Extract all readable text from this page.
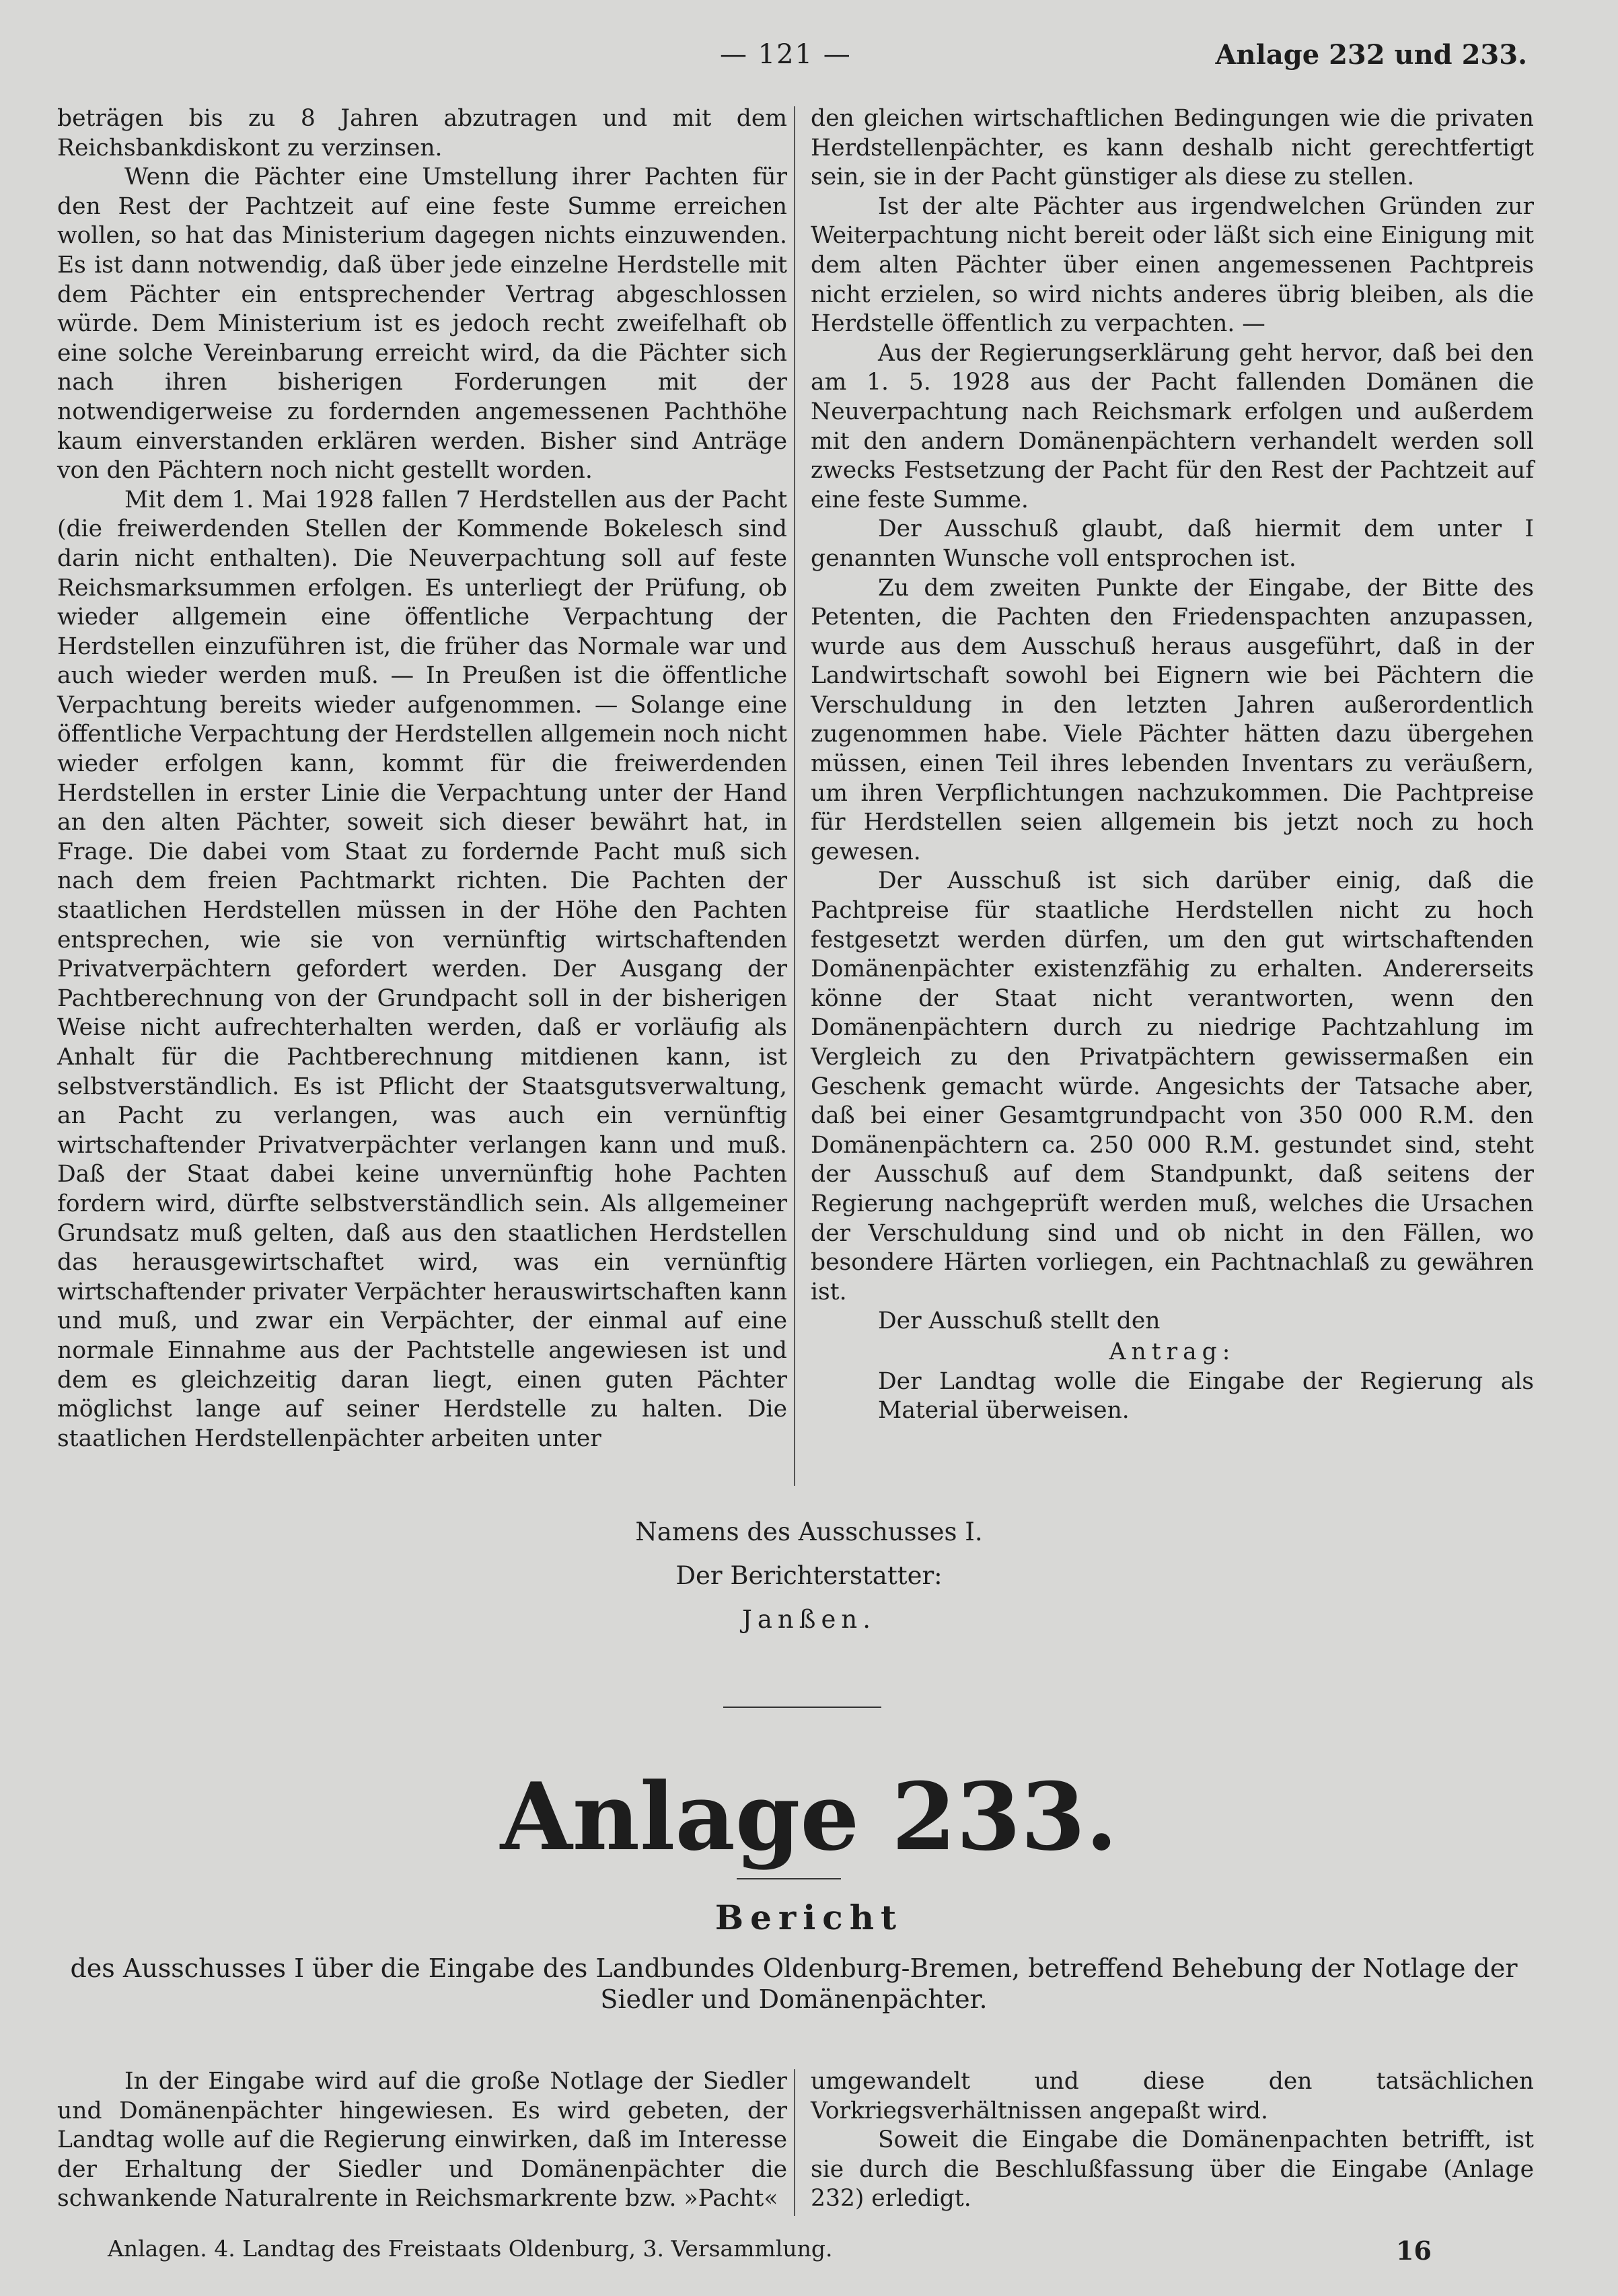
— 121 —	Anlage 232 und 233.

beträgen bis zu 8 Jahren abzutragen und mit dem Reichsbankdiskont zu verzinsen.

Wenn die Pächter eine Umstellung ihrer Pachten für den Rest der Pachtzeit auf eine feste Summe erreichen wollen, so hat das Ministerium dagegen nichts einzuwenden. Es ist dann notwendig, daß über jede einzelne Herdstelle mit dem Pächter ein entsprechender Vertrag abgeschlossen würde. Dem Ministerium ist es jedoch recht zweifelhaft ob eine solche Vereinbarung erreicht wird, da die Pächter sich nach ihren bisherigen Forderungen mit der notwendigerweise zu fordernden angemessenen Pachthöhe kaum einverstanden erklären werden. Bisher sind Anträge von den Pächtern noch nicht gestellt worden.

Mit dem 1. Mai 1928 fallen 7 Herdstellen aus der Pacht (die freiwerdenden Stellen der Kommende Bokelesch sind darin nicht enthalten). Die Neuverpachtung soll auf feste Reichsmarksummen erfolgen. Es unterliegt der Prüfung, ob wieder allgemein eine öffentliche Verpachtung der Herdstellen einzuführen ist, die früher das Normale war und auch wieder werden muß. — In Preußen ist die öffentliche Verpachtung bereits wieder aufgenommen. — Solange eine öffentliche Verpachtung der Herdstellen allgemein noch nicht wieder erfolgen kann, kommt für die freiwerdenden Herdstellen in erster Linie die Verpachtung unter der Hand an den alten Pächter, soweit sich dieser bewährt hat, in Frage. Die dabei vom Staat zu fordernde Pacht muß sich nach dem freien Pachtmarkt richten. Die Pachten der staatlichen Herdstellen müssen in der Höhe den Pachten entsprechen, wie sie von vernünftig wirtschaftenden Privatverpächtern gefordert werden. Der Ausgang der Pachtberechnung von der Grundpacht soll in der bisherigen Weise nicht aufrechterhalten werden, daß er vorläufig als Anhalt für die Pachtberechnung mitdienen kann, ist selbstverständlich. Es ist Pflicht der Staatsgutsverwaltung, an Pacht zu verlangen, was auch ein vernünftig wirtschaftender Privatverpächter verlangen kann und muß. Daß der Staat dabei keine unvernünftig hohe Pachten fordern wird, dürfte selbstverständlich sein. Als allgemeiner Grundsatz muß gelten, daß aus den staatlichen Herdstellen das herausgewirtschaftet wird, was ein vernünftig wirtschaftender privater Verpächter herauswirtschaften kann und muß, und zwar ein Verpächter, der einmal auf eine normale Einnahme aus der Pachtstelle angewiesen ist und dem es gleichzeitig daran liegt, einen guten Pächter möglichst lange auf seiner Herdstelle zu halten. Die staatlichen Herdstellenpächter arbeiten unter

den gleichen wirtschaftlichen Bedingungen wie die privaten Herdstellenpächter, es kann deshalb nicht gerechtfertigt sein, sie in der Pacht günstiger als diese zu stellen.

Ist der alte Pächter aus irgendwelchen Gründen zur Weiterpachtung nicht bereit oder läßt sich eine Einigung mit dem alten Pächter über einen angemessenen Pachtpreis nicht erzielen, so wird nichts anderes übrig bleiben, als die Herdstelle öffentlich zu verpachten. —

Aus der Regierungserklärung geht hervor, daß bei den am 1. 5. 1928 aus der Pacht fallenden Domänen die Neuverpachtung nach Reichsmark erfolgen und außerdem mit den andern Domänenpächtern verhandelt werden soll zwecks Festsetzung der Pacht für den Rest der Pachtzeit auf eine feste Summe.

Der Ausschuß glaubt, daß hiermit dem unter I genannten Wunsche voll entsprochen ist.

Zu dem zweiten Punkte der Eingabe, der Bitte des Petenten, die Pachten den Friedenspachten anzupassen, wurde aus dem Ausschuß heraus ausgeführt, daß in der Landwirtschaft sowohl bei Eignern wie bei Pächtern die Verschuldung in den letzten Jahren außerordentlich zugenommen habe. Viele Pächter hätten dazu übergehen müssen, einen Teil ihres lebenden Inventars zu veräußern, um ihren Verpflichtungen nachzukommen. Die Pachtpreise für Herdstellen seien allgemein bis jetzt noch zu hoch gewesen.

Der Ausschuß ist sich darüber einig, daß die Pachtpreise für staatliche Herdstellen nicht zu hoch festgesetzt werden dürfen, um den gut wirtschaftenden Domänenpächter existenzfähig zu erhalten. Andererseits könne der Staat nicht verantworten, wenn den Domänenpächtern durch zu niedrige Pachtzahlung im Vergleich zu den Privatpächtern gewissermaßen ein Geschenk gemacht würde. Angesichts der Tatsache aber, daß bei einer Gesamtgrundpacht von 350 000 R.M. den Domänenpächtern ca. 250 000 R.M. gestundet sind, steht der Ausschuß auf dem Standpunkt, daß seitens der Regierung nachgeprüft werden muß, welches die Ursachen der Verschuldung sind und ob nicht in den Fällen, wo besondere Härten vorliegen, ein Pachtnachlaß zu gewähren ist.

Der Ausschuß stellt den

Antrag:

Der Landtag wolle die Eingabe der Regierung als Material überweisen.

Namens des Ausschusses I.
Der Berichterstatter:
Janßen.
Anlage 233.
Bericht
des Ausschusses I über die Eingabe des Landbundes Oldenburg-Bremen, betreffend Behebung der Notlage der Siedler und Domänenpächter.

In der Eingabe wird auf die große Notlage der Siedler und Domänenpächter hingewiesen. Es wird gebeten, der Landtag wolle auf die Regierung einwirken, daß im Interesse der Erhaltung der Siedler und Domänenpächter die schwankende Naturalrente in Reichsmarkrente bzw. »Pacht«

umgewandelt und diese den tatsächlichen Vorkriegsverhältnissen angepaßt wird.

Soweit die Eingabe die Domänenpachten betrifft, ist sie durch die Beschlußfassung über die Eingabe (Anlage 232) erledigt.

Anlagen. 4. Landtag des Freistaats Oldenburg, 3. Versammlung.	16
